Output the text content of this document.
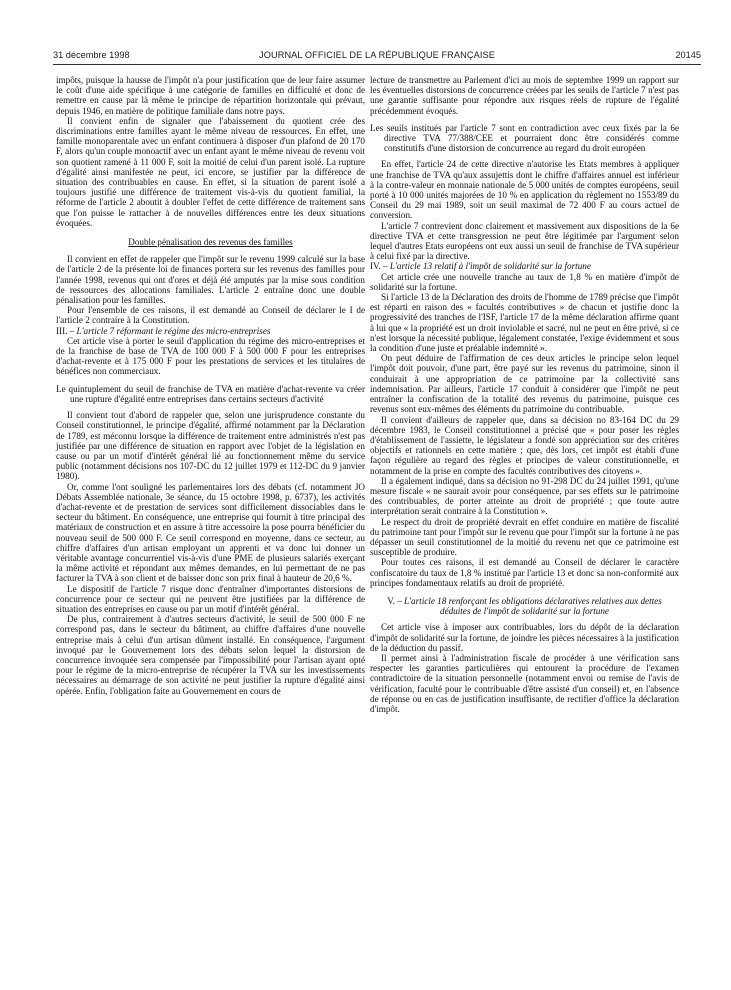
31 décembre 1998	JOURNAL OFFICIEL DE LA RÉPUBLIQUE FRANÇAISE	20145

impôts, puisque la hausse de l'impôt n'a pour justification que de leur faire assumer le coût d'une aide spécifique à une catégorie de familles en difficulté et donc de remettre en cause par là même le principe de répartition horizontale qui prévaut, depuis 1946, en matière de politique familiale dans notre pays.

Il convient enfin de signaler que l'abaissement du quotient crée des discriminations entre familles ayant le même niveau de ressources. En effet, une famille monoparentale avec un enfant continuera à disposer d'un plafond de 20 170 F, alors qu'un couple monoactif avec un enfant ayant le même niveau de revenu voit son quotient ramené à 11 000 F, soit la moitié de celui d'un parent isolé. La rupture d'égalité ainsi manifestée ne peut, ici encore, se justifier par la différence de situation des contribuables en cause. En effet, si la situation de parent isolé a toujours justifié une différence de traitement vis-à-vis du quotient familial, la réforme de l'article 2 aboutit à doubler l'effet de cette différence de traitement sans que l'on puisse le rattacher à de nouvelles différences entre les deux situations évoquées.

Double pénalisation des revenus des familles

Il convient en effet de rappeler que l'impôt sur le revenu 1999 calculé sur la base de l'article 2 de la présente loi de finances portera sur les revenus des familles pour l'année 1998, revenus qui ont d'ores et déjà été amputés par la mise sous condition de ressources des allocations familiales. L'article 2 entraîne donc une double pénalisation pour les familles.

Pour l'ensemble de ces raisons, il est demandé au Conseil de déclarer le I de l'article 2 contraire à la Constitution.

III. – L'article 7 réformant le régime des micro-entreprises

Cet article vise à porter le seuil d'application du régime des micro-entreprises et de la franchise de base de TVA de 100 000 F à 500 000 F pour les entreprises d'achat-revente et à 175 000 F pour les prestations de services et les titulaires de bénéfices non commerciaux.

Le quintuplement du seuil de franchise de TVA en matière d'achat-revente va créer une rupture d'égalité entre entreprises dans certains secteurs d'activité

Il convient tout d'abord de rappeler que, selon une jurisprudence constante du Conseil constitutionnel, le principe d'égalité, affirmé notamment par la Déclaration de 1789, est méconnu lorsque la différence de traitement entre administrés n'est pas justifiée par une différence de situation en rapport avec l'objet de la législation en cause ou par un motif d'intérêt général lié au fonctionnement même du service public (notamment décisions nos 107-DC du 12 juillet 1979 et 112-DC du 9 janvier 1980).

Or, comme l'ont souligné les parlementaires lors des débats (cf. notamment JO Débats Assemblée nationale, 3e séance, du 15 octobre 1998, p. 6737), les activités d'achat-revente et de prestation de services sont difficilement dissociables dans le secteur du bâtiment. En conséquence, une entreprise qui fournit à titre principal des matériaux de construction et en assure à titre accessoire la pose pourra bénéficier du nouveau seuil de 500 000 F. Ce seuil correspond en moyenne, dans ce secteur, au chiffre d'affaires d'un artisan employant un apprenti et va donc lui donner un véritable avantage concurrentiel vis-à-vis d'une PME de plusieurs salariés exerçant la même activité et répondant aux mêmes demandes, en lui permettant de ne pas facturer la TVA à son client et de baisser donc son prix final à hauteur de 20,6 %.

Le dispositif de l'article 7 risque donc d'entraîner d'importantes distorsions de concurrence pour ce secteur qui ne peuvent être justifiées par la différence de situation des entreprises en cause ou par un motif d'intérêt général.

De plus, contrairement à d'autres secteurs d'activité, le seuil de 500 000 F ne correspond pas, dans le secteur du bâtiment, au chiffre d'affaires d'une nouvelle entreprise mais à celui d'un artisan dûment installé. En conséquence, l'argument invoqué par le Gouvernement lors des débats selon lequel la distorsion de concurrence invoquée sera compensée par l'impossibilité pour l'artisan ayant opté pour le régime de la micro-entreprise de récupérer la TVA sur les investissements nécessaires au démarrage de son activité ne peut justifier la rupture d'égalité ainsi opérée. Enfin, l'obligation faite au Gouvernement en cours de

lecture de transmettre au Parlement d'ici au mois de septembre 1999 un rapport sur les éventuelles distorsions de concurrence créées par les seuils de l'article 7 n'est pas une garantie suffisante pour répondre aux risques réels de rupture de l'égalité précédemment évoqués.

Les seuils institués par l'article 7 sont en contradiction avec ceux fixés par la 6e directive TVA 77/388/CEE et pourraient donc être considérés comme constitutifs d'une distorsion de concurrence au regard du droit européen

En effet, l'article 24 de cette directive n'autorise les Etats membres à appliquer une franchise de TVA qu'aux assujettis dont le chiffre d'affaires annuel est inférieur à la contre-valeur en monnaie nationale de 5 000 unités de comptes européens, seuil porté à 10 000 unités majorées de 10 % en application du règlement no 1553/89 du Conseil du 29 mai 1989, soit un seuil maximal de 72 400 F au cours actuel de conversion.

L'article 7 contrevient donc clairement et massivement aux dispositions de la 6e directive TVA et cette transgression ne peut être légitimée par l'argument selon lequel d'autres Etats européens ont eux aussi un seuil de franchise de TVA supérieur à celui fixé par la directive.

IV. – L'article 13 relatif à l'impôt de solidarité sur la fortune

Cet article crée une nouvelle tranche au taux de 1,8 % en matière d'impôt de solidarité sur la fortune.

Si l'article 13 de la Déclaration des droits de l'homme de 1789 précise que l'impôt est réparti en raison des « facultés contributives » de chacun et justifie donc la progressivité des tranches de l'ISF, l'article 17 de la même déclaration affirme quant à lui que « la propriété est un droit inviolable et sacré, nul ne peut en être privé, si ce n'est lorsque la nécessité publique, légalement constatée, l'exige évidemment et sous la condition d'une juste et préalable indemnité ».

On peut déduire de l'affirmation de ces deux articles le principe selon lequel l'impôt doit pouvoir, d'une part, être payé sur les revenus du patrimoine, sinon il conduirait à une appropriation de ce patrimoine par la collectivité sans indemnisation. Par ailleurs, l'article 17 conduit à considérer que l'impôt ne peut entraîner la confiscation de la totalité des revenus du patrimoine, puisque ces revenus sont eux-mêmes des éléments du patrimoine du contribuable.

Il convient d'ailleurs de rappeler que, dans sa décision no 83-164 DC du 29 décembre 1983, le Conseil constitutionnel a précisé que « pour poser les règles d'établissement de l'assiette, le législateur a fondé son appréciation sur des critères objectifs et rationnels en cette matière ; que, dès lors, cet impôt est établi d'une façon régulière au regard des règles et principes de valeur constitutionnelle, et notamment de la prise en compte des facultés contributives des citoyens ».

Il a également indiqué, dans sa décision no 91-298 DC du 24 juillet 1991, qu'une mesure fiscale « ne saurait avoir pour conséquence, par ses effets sur le patrimoine des contribuables, de porter atteinte au droit de propriété ; que toute autre interprétation serait contraire à la Constitution ».

Le respect du droit de propriété devrait en effet conduire en matière de fiscalité du patrimoine tant pour l'impôt sur le revenu que pour l'impôt sur la fortune à ne pas dépasser un seuil constitutionnel de la moitié du revenu net que ce patrimoine est susceptible de produire.

Pour toutes ces raisons, il est demandé au Conseil de déclarer le caractère confiscatoire du taux de 1,8 % institué par l'article 13 et donc sa non-conformité aux principes fondamentaux relatifs au droit de propriété.

V. – L'article 18 renforçant les obligations déclaratives relatives aux dettes déduites de l'impôt de solidarité sur la fortune

Cet article vise à imposer aux contribuables, lors du dépôt de la déclaration d'impôt de solidarité sur la fortune, de joindre les pièces nécessaires à la justification de la déduction du passif.

Il permet ainsi à l'administration fiscale de procéder à une vérification sans respecter les garanties particulières qui entourent la procédure de l'examen contradictoire de la situation personnelle (notamment envoi ou remise de l'avis de vérification, faculté pour le contribuable d'être assisté d'un conseil) et, en l'absence de réponse ou en cas de justification insuffisante, de rectifier d'office la déclaration d'impôt.
